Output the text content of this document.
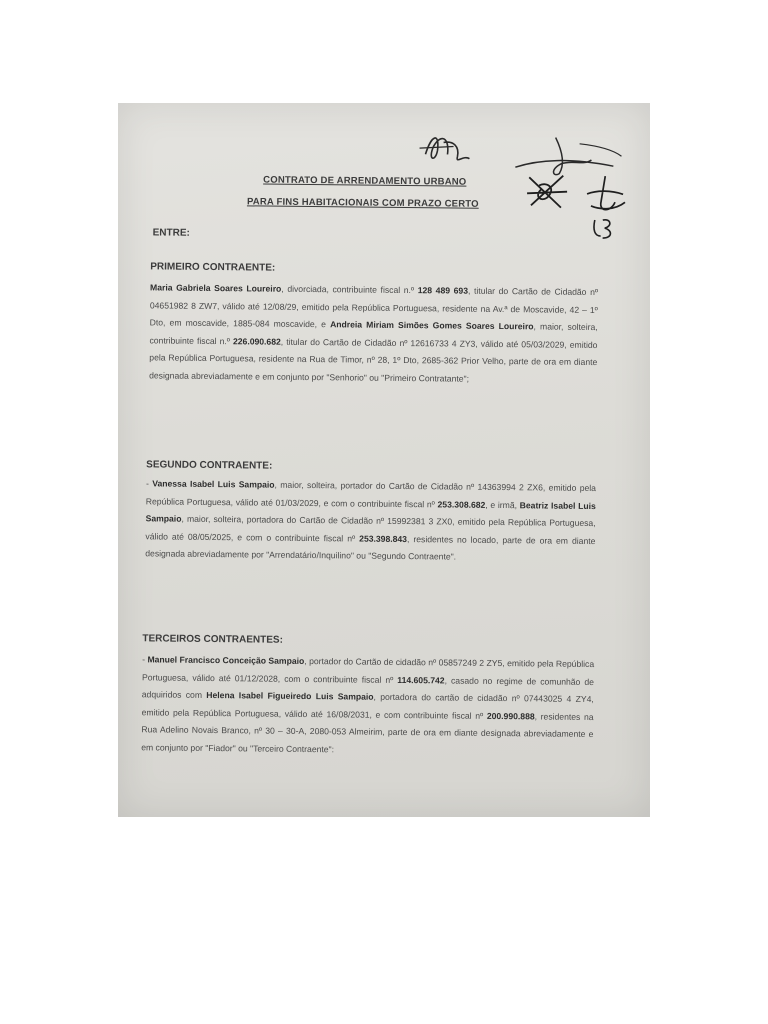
CONTRATO DE ARRENDAMENTO URBANO
PARA FINS HABITACIONAIS COM PRAZO CERTO
ENTRE:
PRIMEIRO CONTRAENTE:
Maria Gabriela Soares Loureiro, divorciada, contribuinte fiscal n.º 128 489 693, titular do Cartão de Cidadão nº 04651982 8 ZW7, válido até 12/08/29, emitido pela República Portuguesa, residente na Av.ª de Moscavide, 42 – 1º Dto, em moscavide, 1885-084 moscavide, e Andreia Miriam Simões Gomes Soares Loureiro, maior, solteira, contribuinte fiscal n.º 226.090.682, titular do Cartão de Cidadão nº 12616733 4 ZY3, válido até 05/03/2029, emitido pela República Portuguesa, residente na Rua de Timor, nº 28, 1º Dto, 2685-362 Prior Velho, parte de ora em diante designada abreviadamente e em conjunto por "Senhorio" ou "Primeiro Contratante";
SEGUNDO CONTRAENTE:
- Vanessa Isabel Luis Sampaio, maior, solteira, portador do Cartão de Cidadão nº 14363994 2 ZX6, emitido pela República Portuguesa, válido até 01/03/2029, e com o contribuinte fiscal nº 253.308.682, e irmã, Beatriz Isabel Luis Sampaio, maior, solteira, portadora do Cartão de Cidadão nº 15992381 3 ZX0, emitido pela República Portuguesa, válido até 08/05/2025, e com o contribuinte fiscal nº 253.398.843, residentes no locado, parte de ora em diante designada abreviadamente por "Arrendatário/Inquilino" ou "Segundo Contraente".
TERCEIROS CONTRAENTES:
- Manuel Francisco Conceição Sampaio, portador do Cartão de cidadão nº 05857249 2 ZY5, emitido pela República Portuguesa, válido até 01/12/2028, com o contribuinte fiscal nº 114.605.742, casado no regime de comunhão de adquiridos com Helena Isabel Figueiredo Luis Sampaio, portadora do cartão de cidadão nº 07443025 4 ZY4, emitido pela República Portuguesa, válido até 16/08/2031, e com contribuinte fiscal nº 200.990.888, residentes na Rua Adelino Novais Branco, nº 30 – 30-A, 2080-053 Almeirim, parte de ora em diante designada abreviadamente e em conjunto por "Fiador" ou "Terceiro Contraente":
